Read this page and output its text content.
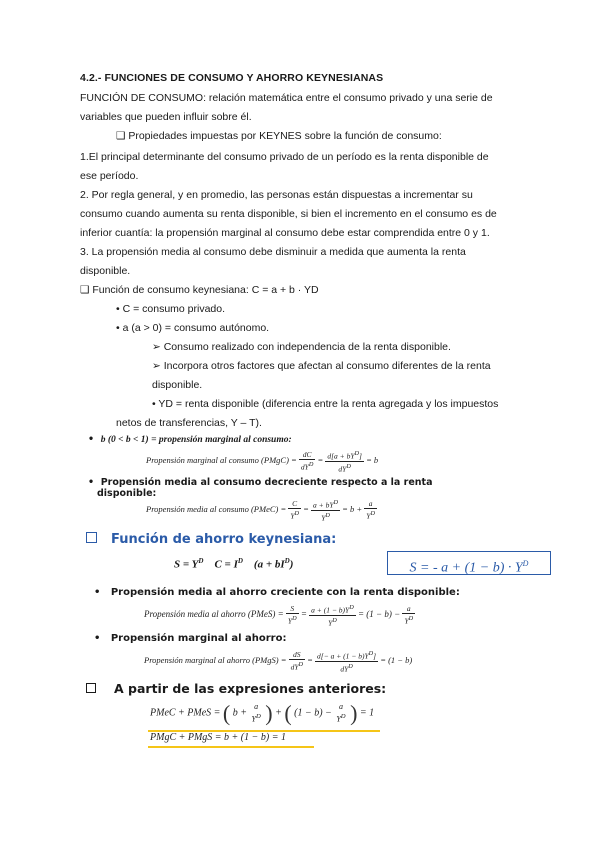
4.2.- FUNCIONES DE CONSUMO Y AHORRO KEYNESIANAS
FUNCIÓN DE CONSUMO: relación matemática entre el consumo privado y una serie de
variables que pueden influir sobre él.
❑ Propiedades impuestas por KEYNES sobre la función de consumo:
1.El principal determinante del consumo privado de un período es la renta disponible de
ese período.
2. Por regla general, y en promedio, las personas están dispuestas a incrementar su
consumo cuando aumenta su renta disponible, si bien el incremento en el consumo es de
inferior cuantía: la propensión marginal al consumo debe estar comprendida entre 0 y 1.
3. La propensión media al consumo debe disminuir a medida que aumenta la renta
disponible.
❑ Función de consumo keynesiana: C = a + b · YD
• C = consumo privado.
• a (a > 0) = consumo autónomo.
➢ Consumo realizado con independencia de la renta disponible.
➢ Incorpora otros factores que afectan al consumo diferentes de la renta
disponible.
• YD = renta disponible (diferencia entre la renta agregada y los impuestos
netos de transferencias, Y – T).
•  b (0 < b < 1) = propensión marginal al consumo:
Propensión marginal al consumo (PMgC) = $\frac{dC}{dY^D} = \frac{d[a + bY^D]}{dY^D} = b$
•  Propensión media al consumo decreciente respecto a la renta
disponible:
Propensión media al consumo (PMeC) = $\frac{C}{Y^D} = \frac{a + bY^D}{Y^D} = b + \frac{a}{Y^D}$
Función de ahorro keynesiana:
$S = Y^D$ $C = I^D$ $(a + bI^D)$	S = - $a + (1 - b) \cdot Y^D$
•   Propensión media al ahorro creciente con la renta disponible:
Propensión media al ahorro (PMeS) = $\frac{S}{Y^D} = \frac{a + (1 - b)Y^D}{Y^D} = (1 - b) - \frac{a}{Y^D}$
•   Propensión marginal al ahorro:
Propensión marginal al ahorro (PMgS) = $\frac{dS}{dY^D} = \frac{d[- a + (1 - b)Y^D]}{dY^D} = (1 - b)$
A partir de las expresiones anteriores:
PMeC + PMeS = ( b +
a
$Y^D$ ) + ( (1 − b) −
a
$Y^D$ ) = 1
PMgC + PMgS = b + (1 − b) = 1
